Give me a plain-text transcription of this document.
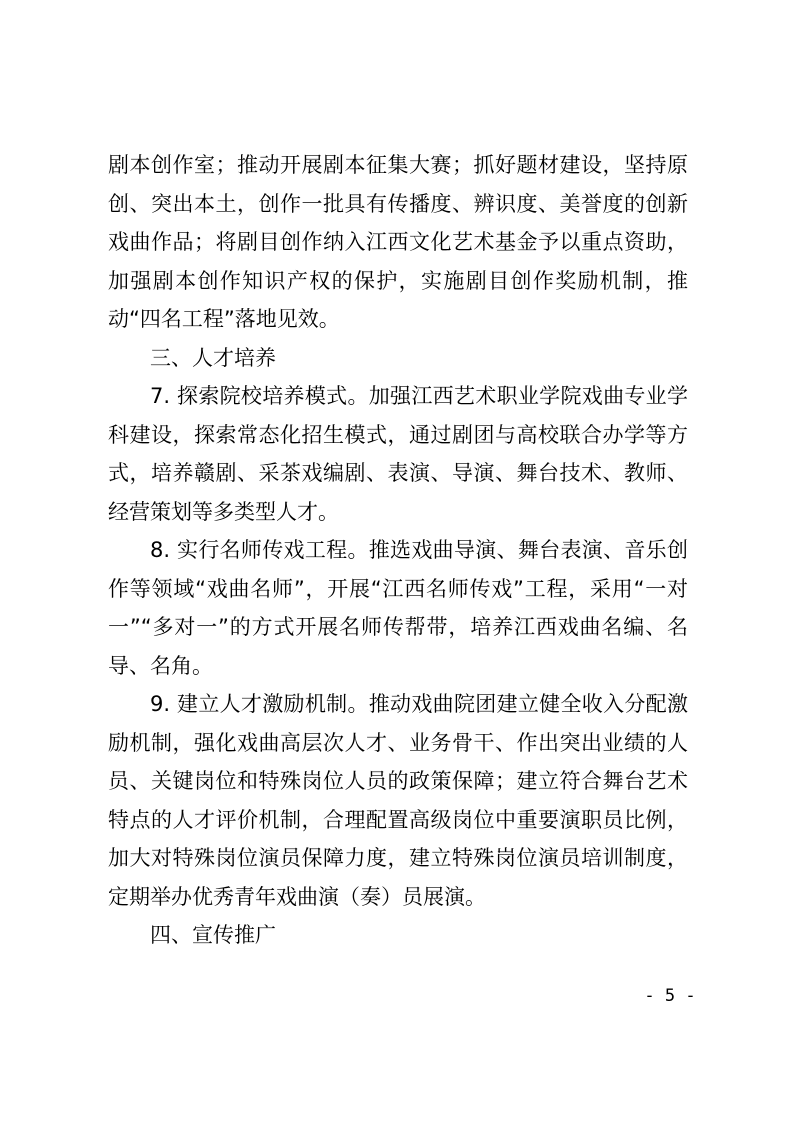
剧本创作室；推动开展剧本征集大赛；抓好题材建设，坚持原创、突出本土，创作一批具有传播度、辨识度、美誉度的创新戏曲作品；将剧目创作纳入江西文化艺术基金予以重点资助，加强剧本创作知识产权的保护，实施剧目创作奖励机制，推动“四名工程”落地见效。

三、人才培养

7. 探索院校培养模式。加强江西艺术职业学院戏曲专业学科建设，探索常态化招生模式，通过剧团与高校联合办学等方式，培养赣剧、采茶戏编剧、表演、导演、舞台技术、教师、经营策划等多类型人才。

8. 实行名师传戏工程。推选戏曲导演、舞台表演、音乐创作等领域“戏曲名师”，开展“江西名师传戏”工程，采用“一对一”“多对一”的方式开展名师传帮带，培养江西戏曲名编、名导、名角。

9. 建立人才激励机制。推动戏曲院团建立健全收入分配激励机制，强化戏曲高层次人才、业务骨干、作出突出业绩的人员、关键岗位和特殊岗位人员的政策保障；建立符合舞台艺术特点的人才评价机制，合理配置高级岗位中重要演职员比例，加大对特殊岗位演员保障力度，建立特殊岗位演员培训制度，定期举办优秀青年戏曲演（奏）员展演。

四、宣传推广

- 5 -
